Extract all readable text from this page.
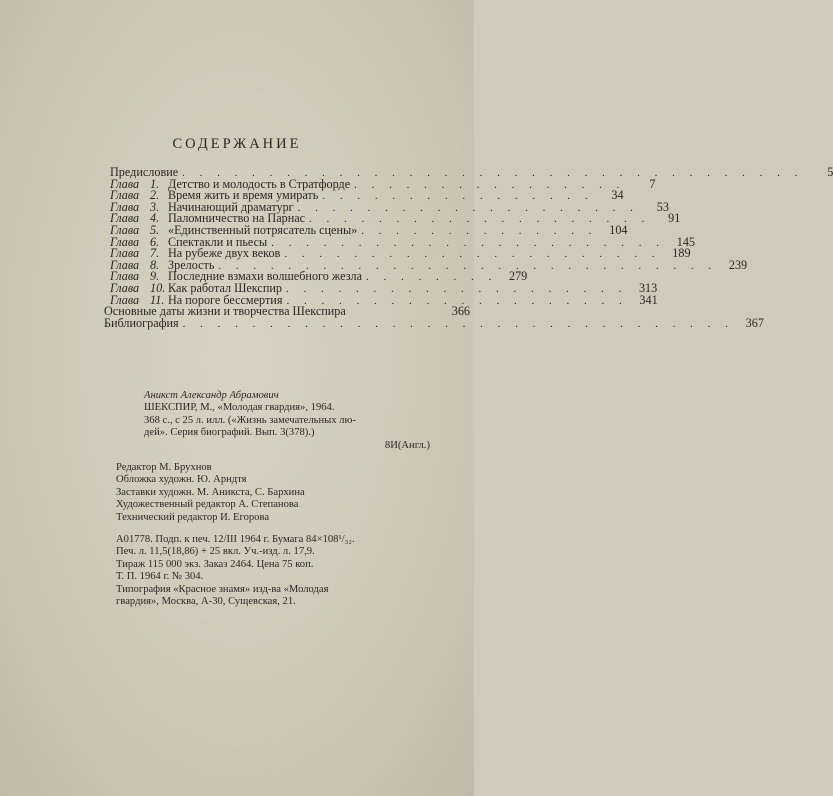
СОДЕРЖАНИЕ
Предисловие . . . . . . . . . . . . . . . . . . . . . . . . . . . . . . . . . . . .	5
Глава 1. Детство и молодость в Стратфорде . . . . . . . . . . . . . . . .	7
Глава 2. Время жить и время умирать . . . . . . . . . . . . . . . .	34
Глава 3. Начинающий драматург . . . . . . . . . . . . . . . . . . . .	53
Глава 4. Паломничество на Парнас . . . . . . . . . . . . . . . . . . . .	91
Глава 5. «Единственный потрясатель сцены» . . . . . . . . . . . . . . 104
Глава 6. Спектакли и пьесы . . . . . . . . . . . . . . . . . . . . . . . 145
Глава 7. На рубеже двух веков . . . . . . . . . . . . . . . . . . . . . . 189
Глава 8. Зрелость . . . . . . . . . . . . . . . . . . . . . . . . . . . . . 239
Глава 9. Последние взмахи волшебного жезла . . . . . . . . 279
Глава 10. Как работал Шекспир . . . . . . . . . . . . . . . . . . . . 313
Глава 11. На пороге бессмертия . . . . . . . . . . . . . . . . . . . . 341
Основные даты жизни и творчества Шекспира	366
Библиография . . . . . . . . . . . . . . . . . . . . . . . . . . . . . . . . 367
Аникст Александр Абрамович
ШЕКСПИР, М., «Молодая гвардия», 1964.
368 с., с 25 л. илл. («Жизнь замечательных лю-
дей». Серия биографий. Вып. 3(378).)
8И(Англ.)
Редактор М. Брухнов
Обложка художн. Ю. Арндтя
Заставки художн. М. Аникста, С. Бархина
Художественный редактор А. Степанова
Технический редактор И. Егорова
А01778. Подп. к печ. 12/III 1964 г. Бумага 84×108¹/₃₂.
Печ. л. 11,5(18,86) + 25 вкл. Уч.-изд. л. 17,9.
Тираж 115 000 экз. Заказ 2464. Цена 75 коп.
Т. П. 1964 г. № 304.
Типография «Красное знамя» изд-ва «Молодая
гвардия», Москва, А-30, Сущевская, 21.
